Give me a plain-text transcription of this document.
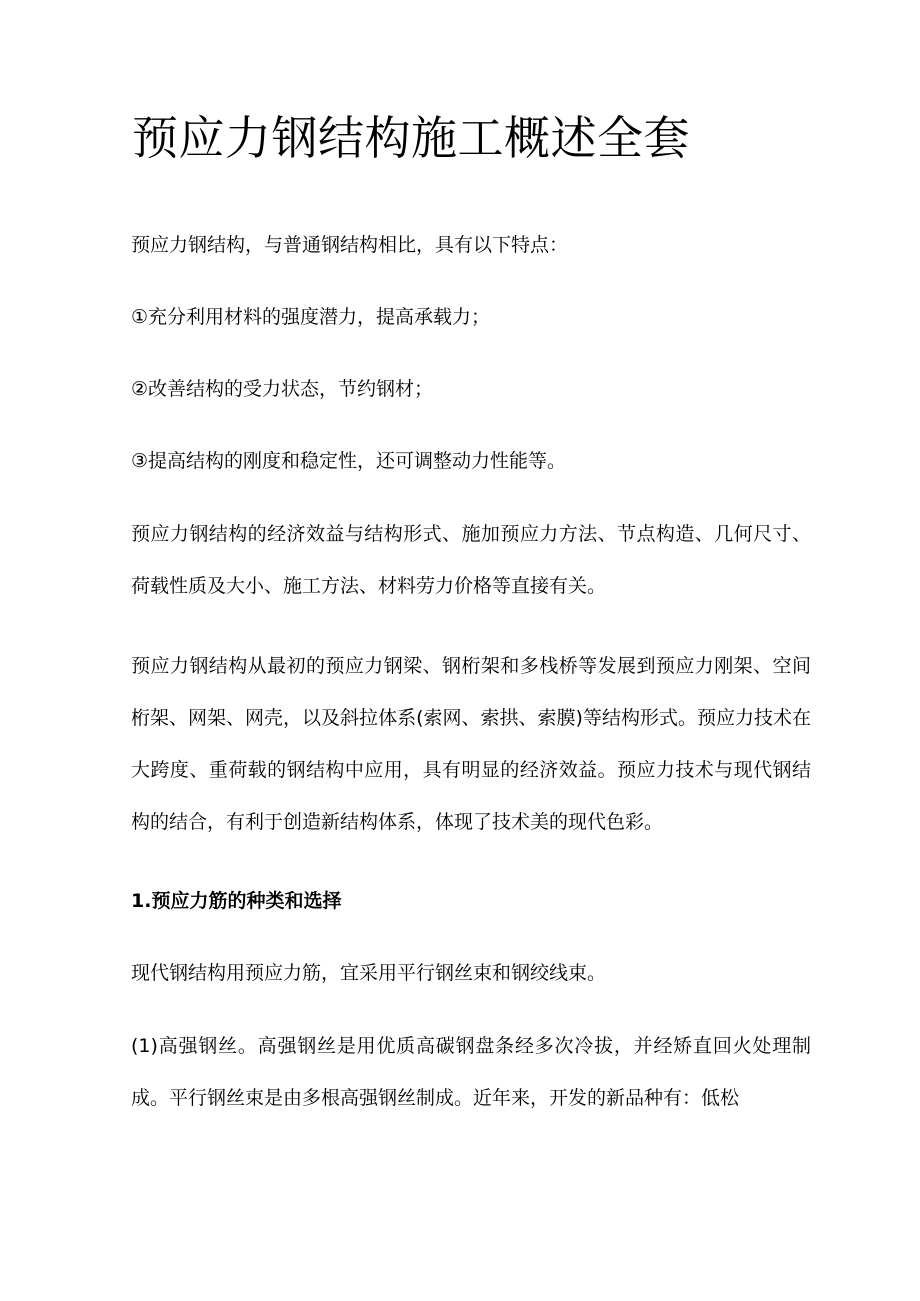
预应力钢结构施工概述全套

预应力钢结构，与普通钢结构相比，具有以下特点：

①充分利用材料的强度潜力，提高承载力；

②改善结构的受力状态，节约钢材；

③提高结构的刚度和稳定性，还可调整动力性能等。

预应力钢结构的经济效益与结构形式、施加预应力方法、节点构造、几何尺寸、荷载性质及大小、施工方法、材料劳力价格等直接有关。

预应力钢结构从最初的预应力钢梁、钢桁架和多栈桥等发展到预应力刚架、空间桁架、网架、网壳，以及斜拉体系(索网、索拱、索膜)等结构形式。预应力技术在大跨度、重荷载的钢结构中应用，具有明显的经济效益。预应力技术与现代钢结构的结合，有利于创造新结构体系，体现了技术美的现代色彩。

1.预应力筋的种类和选择

现代钢结构用预应力筋，宜采用平行钢丝束和钢绞线束。

(1)高强钢丝。高强钢丝是用优质高碳钢盘条经多次冷拔，并经矫直回火处理制成。平行钢丝束是由多根高强钢丝制成。近年来，开发的新品种有：低松
